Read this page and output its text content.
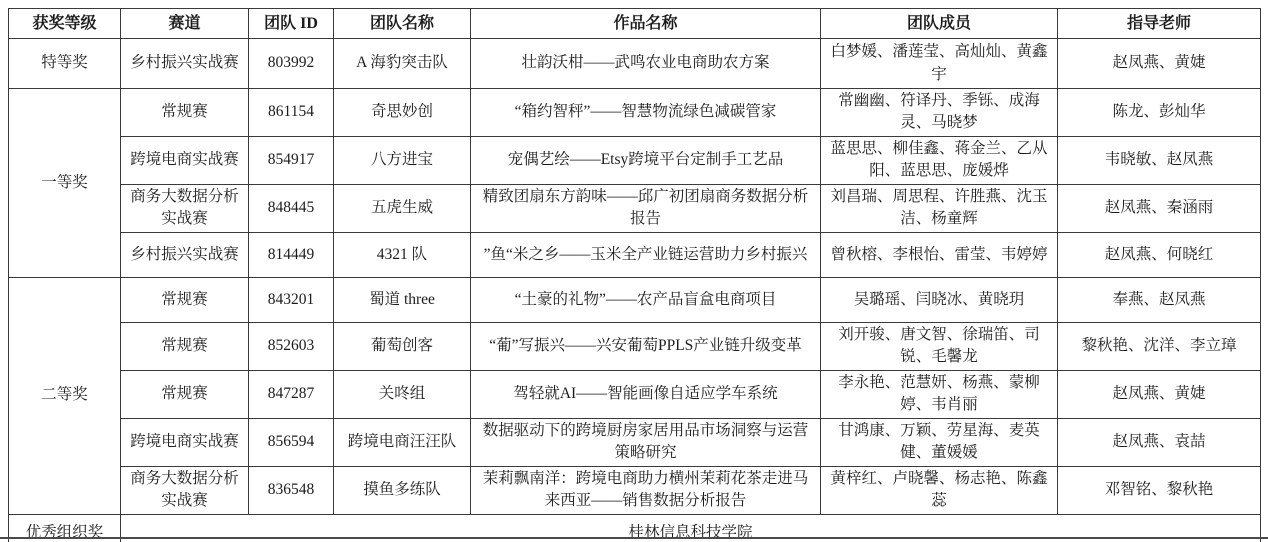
获奖等级	赛道	团队 ID	团队名称	作品名称	团队成员	指导老师
特等奖	乡村振兴实战赛	803992	A 海豹突击队	壮韵沃柑——武鸣农业电商助农方案	白梦媛、潘莲莹、高灿灿、黄鑫宇	赵凤燕、黄婕
一等奖	常规赛	861154	奇思妙创	“箱约智秤”——智慧物流绿色减碳管家	常幽幽、符译丹、季铄、成海灵、马晓梦	陈龙、彭灿华
	跨境电商实战赛	854917	八方进宝	宠偶艺绘——Etsy跨境平台定制手工艺品	蓝思思、柳佳鑫、蒋金兰、乙从阳、蓝思思、庞媛烨	韦晓敏、赵凤燕
	商务大数据分析实战赛	848445	五虎生威	精致团扇东方韵味——邱广初团扇商务数据分析报告	刘昌瑞、周思程、许胜燕、沈玉洁、杨童辉	赵凤燕、秦涵雨
	乡村振兴实战赛	814449	4321 队	”鱼“米之乡——玉米全产业链运营助力乡村振兴	曾秋榕、李根怡、雷莹、韦婷婷	赵凤燕、何晓红
二等奖	常规赛	843201	蜀道 three	“土豪的礼物”——农产品盲盒电商项目	吴璐瑶、闫晓冰、黄晓玥	奉燕、赵凤燕
	常规赛	852603	葡萄创客	“葡”写振兴——兴安葡萄PPLS产业链升级变革	刘开骏、唐文智、徐瑞笛、司锐、毛馨龙	黎秋艳、沈洋、李立璋
	常规赛	847287	关咚组	驾轻就AI——智能画像自适应学车系统	李永艳、范慧妍、杨燕、蒙柳婷、韦肖丽	赵凤燕、黄婕
	跨境电商实战赛	856594	跨境电商汪汪队	数据驱动下的跨境厨房家居用品市场洞察与运营策略研究	甘鸿康、万颖、劳星海、麦英健、董媛媛	赵凤燕、袁喆
	商务大数据分析实战赛	836548	摸鱼多练队	茉莉飘南洋：跨境电商助力横州茉莉花茶走进马来西亚——销售数据分析报告	黄梓红、卢晓馨、杨志艳、陈鑫蕊	邓智铭、黎秋艳
优秀组织奖	桂林信息科技学院					
